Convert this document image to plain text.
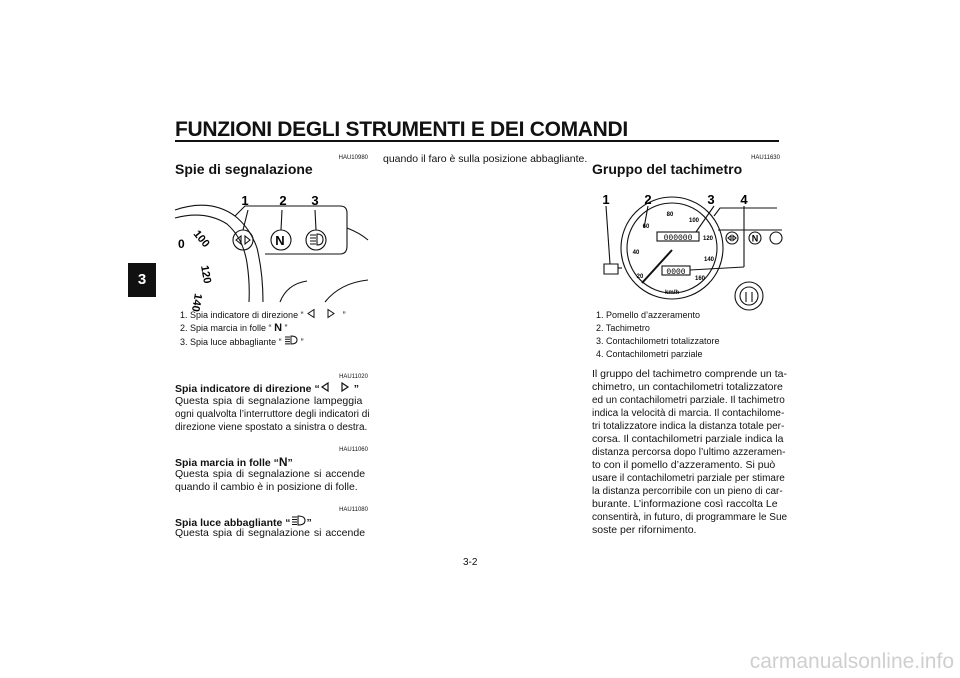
FUNZIONI DEGLI STRUMENTI E DEI COMANDI
3
HAU10980
Spie di segnalazione
N
1 2 3
0 100
120
140
1. Spia indicatore di direzione “	”
2. Spia marcia in folle “ N ”
3. Spia luce abbagliante “ ”
HAU11020
Spia indicatore di direzione “	”
Questa spia di segnalazione lampeggia
ogni qualvolta l’interruttore degli indicatori di
direzione viene spostato a sinistra o destra.
HAU11060
Spia marcia in folle “N”
Questa spia di segnalazione si accende
quando il cambio è in posizione di folle.
HAU11080
Spia luce abbagliante “ ”
Questa spia di segnalazione si accende
quando il faro è sulla posizione abbagliante.	HAU11630
Gruppo del tachimetro
000000
0000
km/h
N
20
40
60
80
100
120
140
160
1	2	3 4
1. Pomello d’azzeramento
2. Tachimetro
3. Contachilometri totalizzatore
4. Contachilometri parziale
Il gruppo del tachimetro comprende un ta-
chimetro, un contachilometri totalizzatore
ed un contachilometri parziale. Il tachimetro
indica la velocità di marcia. Il contachilome-
tri totalizzatore indica la distanza totale per-
corsa. Il contachilometri parziale indica la
distanza percorsa dopo l’ultimo azzeramen-
to con il pomello d’azzeramento. Si può
usare il contachilometri parziale per stimare
la distanza percorribile con un pieno di car-
burante. L’informazione così raccolta Le
consentirà, in futuro, di programmare le Sue
soste per rifornimento.
3-2
carmanualsonline.info
